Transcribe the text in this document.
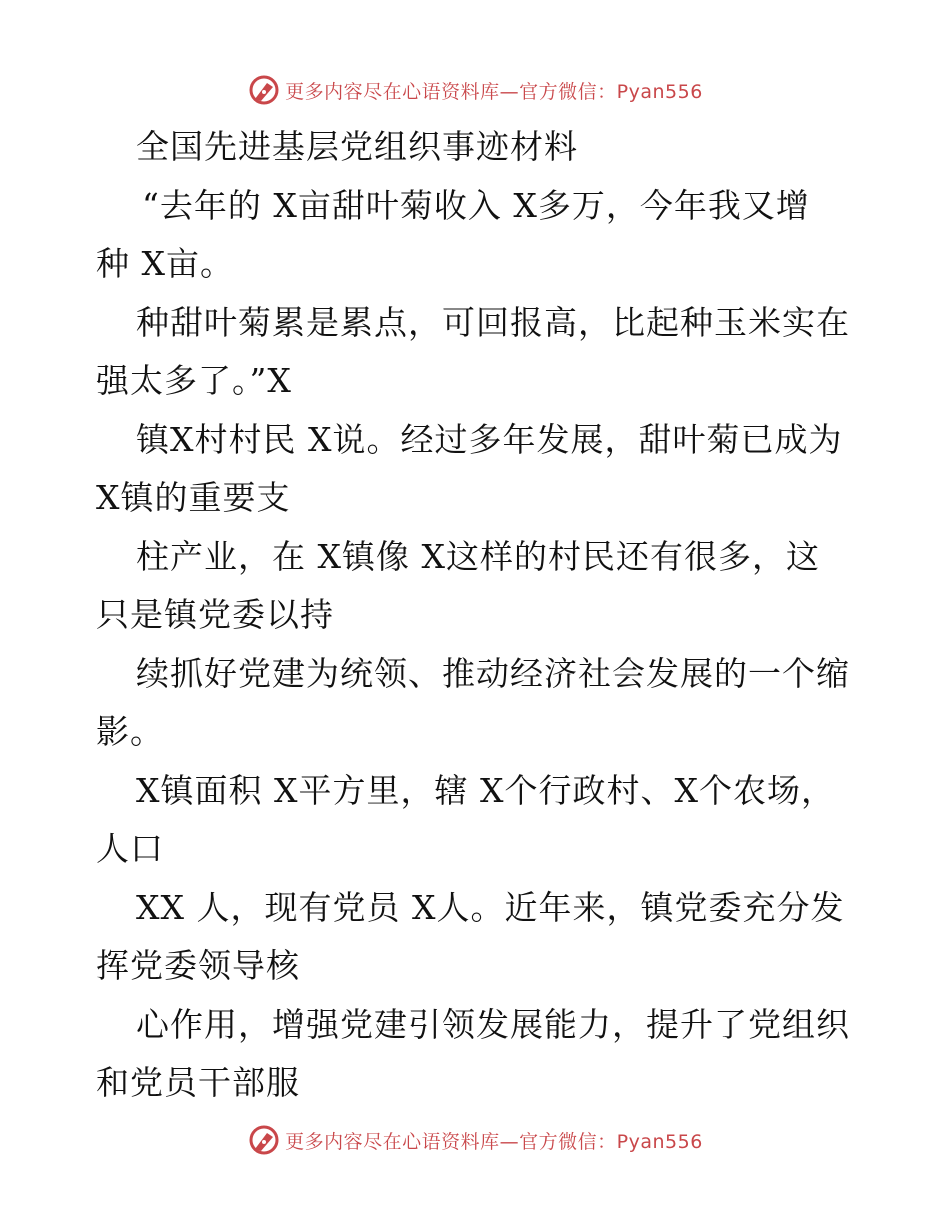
更多内容尽在心语资料库—官方微信：Pyan556
全国先进基层党组织事迹材料
“去年的 X亩甜叶菊收入 X多万，今年我又增
种 X亩。
种甜叶菊累是累点，可回报高，比起种玉米实在
强太多了。”X
镇X村村民 X说。经过多年发展，甜叶菊已成为
X镇的重要支
柱产业，在 X镇像 X这样的村民还有很多，这
只是镇党委以持
续抓好党建为统领、推动经济社会发展的一个缩
影。
X镇面积 X平方里，辖 X个行政村、X个农场，
人口
XX 人，现有党员 X人。近年来，镇党委充分发
挥党委领导核
心作用，增强党建引领发展能力，提升了党组织
和党员干部服
更多内容尽在心语资料库—官方微信：Pyan556
